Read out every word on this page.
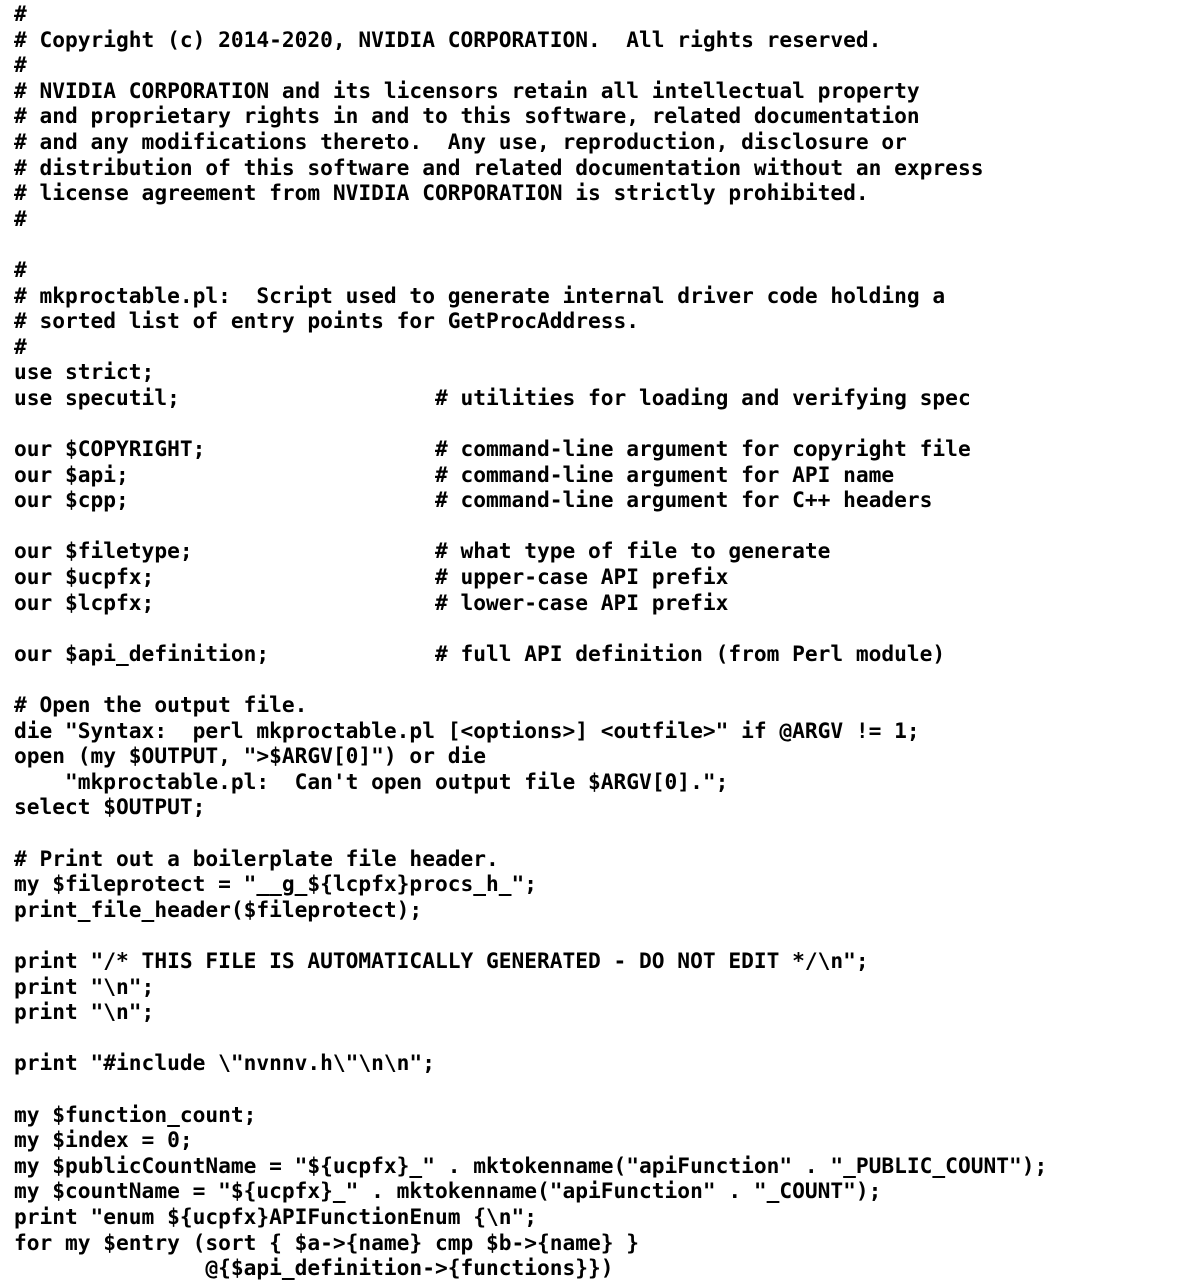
#
# Copyright (c) 2014-2020, NVIDIA CORPORATION.  All rights reserved.
#
# NVIDIA CORPORATION and its licensors retain all intellectual property
# and proprietary rights in and to this software, related documentation
# and any modifications thereto.  Any use, reproduction, disclosure or
# distribution of this software and related documentation without an express
# license agreement from NVIDIA CORPORATION is strictly prohibited.
#
#
# mkproctable.pl:  Script used to generate internal driver code holding a
# sorted list of entry points for GetProcAddress.
#
use strict;
use specutil;                    # utilities for loading and verifying spec
our $COPYRIGHT;                  # command-line argument for copyright file
our $api;                        # command-line argument for API name
our $cpp;                        # command-line argument for C++ headers
our $filetype;                   # what type of file to generate
our $ucpfx;                      # upper-case API prefix
our $lcpfx;                      # lower-case API prefix
our $api_definition;             # full API definition (from Perl module)
# Open the output file.
die "Syntax:  perl mkproctable.pl [<options>] <outfile>" if @ARGV != 1;
open (my $OUTPUT, ">$ARGV[0]") or die
"mkproctable.pl:  Can't open output file $ARGV[0].";
select $OUTPUT;
# Print out a boilerplate file header.
my $fileprotect = "__g_${lcpfx}procs_h_";
print_file_header($fileprotect);
print "/* THIS FILE IS AUTOMATICALLY GENERATED - DO NOT EDIT */\n";
print "\n";
print "\n";
print "#include \"nvnnv.h\"\n\n";
my $function_count;
my $index = 0;
my $publicCountName = "${ucpfx}_" . mktokenname("apiFunction" . "_PUBLIC_COUNT");
my $countName = "${ucpfx}_" . mktokenname("apiFunction" . "_COUNT");
print "enum ${ucpfx}APIFunctionEnum {\n";
for my $entry (sort { $a->{name} cmp $b->{name} }
@{$api_definition->{functions}})
